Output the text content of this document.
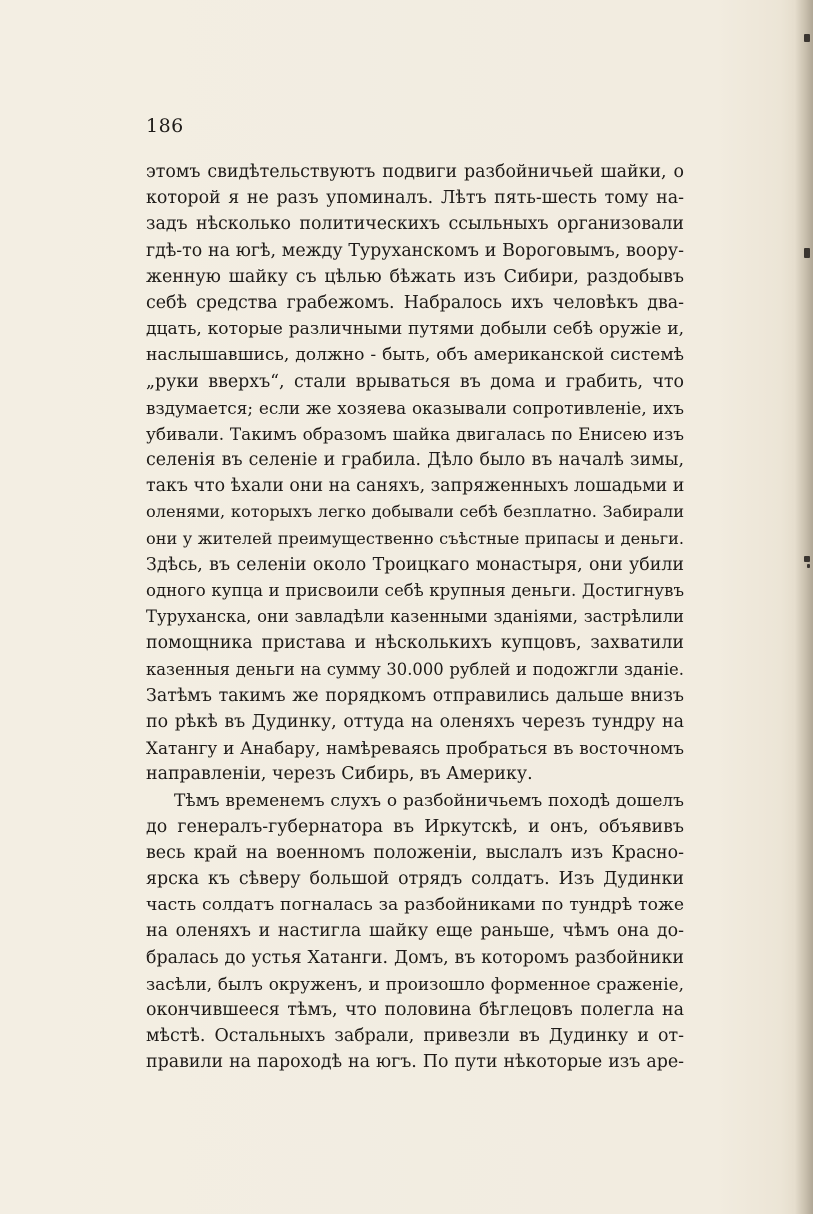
186
этомъ свидѣтельствуютъ подвиги разбойничьей шайки, о
которой я не разъ упоминалъ. Лѣтъ пять-шесть тому на-
задъ нѣсколько политическихъ ссыльныхъ организовали
гдѣ-то на югѣ, между Туруханскомъ и Вороговымъ, вооpу-
женную шайку съ цѣлью бѣжать изъ Сибири, раздобывъ
себѣ средства грабежомъ. Набралось ихъ человѣкъ два-
дцать, которые различными путями добыли себѣ оружіе и,
наслышавшись, должно - быть, объ американской системѣ
„руки вверхъ“, стали врываться въ дома и грабить, что
вздумается; если же хозяева оказывали сопротивленіе, ихъ
убивали. Такимъ образомъ шайка двигалась по Енисею изъ
селенія въ селеніе и грабила. Дѣло было въ началѣ зимы,
такъ что ѣхали они на саняхъ, запряженныхъ лошадьми и
оленями, которыхъ легко добывали себѣ безплатно. Забирали
они у жителей преимущественно съѣстные припасы и деньги.
Здѣсь, въ селеніи около Троицкаго монастыря, они убили
одного купца и присвоили себѣ крупныя деньги. Достигнувъ
Туруханска, они завладѣли казенными зданіями, застрѣлили
помощника пристава и нѣсколькихъ купцовъ, захватили
казенныя деньги на сумму 30.000 рублей и подожгли зданіе.
Затѣмъ такимъ же порядкомъ отправились дальше внизъ
по рѣкѣ въ Дудинку, оттуда на оленяхъ черезъ тундру на
Хатангу и Анабару, намѣреваясь пробраться въ восточномъ
направленіи, черезъ Сибирь, въ Америку.
Тѣмъ временемъ слухъ о разбойничьемъ походѣ дошелъ
до генералъ-губернатора въ Иркутскѣ, и онъ, объявивъ
весь край на военномъ положеніи, выслалъ изъ Красно-
ярска къ сѣверу большой отрядъ солдатъ. Изъ Дудинки
часть солдатъ погналась за разбойниками по тундрѣ тоже
на оленяхъ и настигла шайку еще раньше, чѣмъ она до-
бралась до устья Хатанги. Домъ, въ которомъ разбойники
засѣли, былъ окруженъ, и произошло форменное сраженіе,
окончившееся тѣмъ, что половина бѣглецовъ полегла на
мѣстѣ. Остальныхъ забрали, привезли въ Дудинку и от-
правили на пароходѣ на югъ. По пути нѣкоторые изъ аре-
